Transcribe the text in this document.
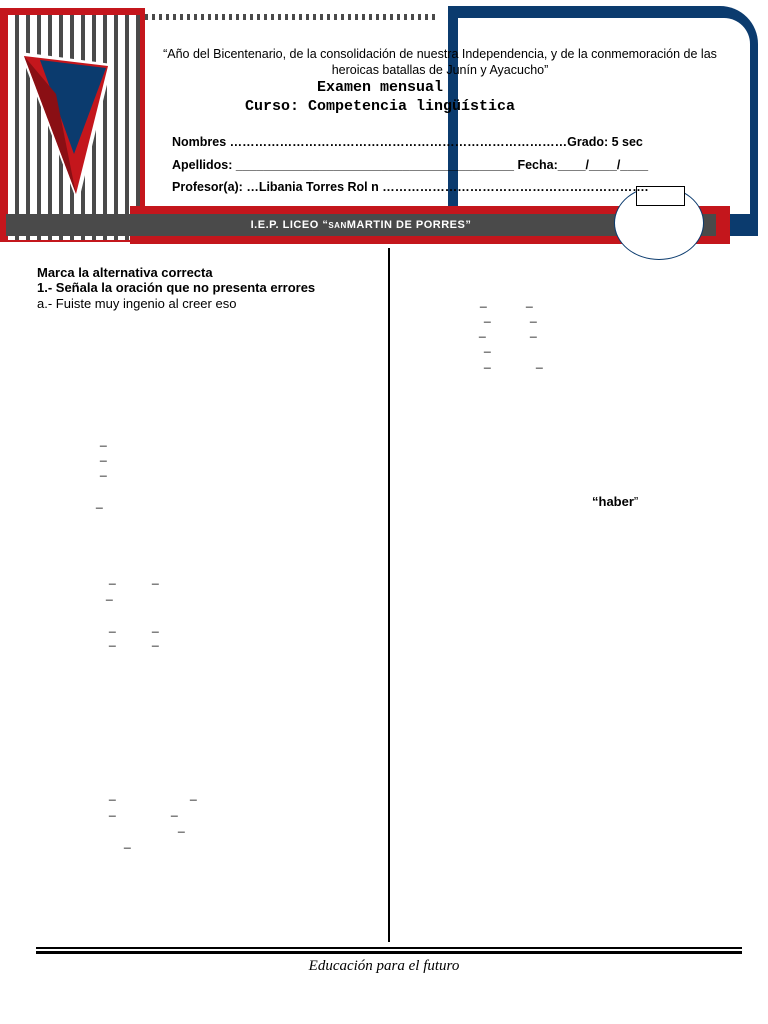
I.E.P. LICEO “ SAN MARTIN DE PORRES”
“Año del Bicentenario, de la consolidación de nuestra Independencia, y de la conmemoración de las heroicas batallas de Junín y Ayacucho”
Examen mensual
Curso: Competencia lingüística
Nombres ………………………………………………………………………Grado: 5 sec
Apellidos: ________________________________________ Fecha:____/____/____
Profesor(a): …Libania Torres Rol n ……………………………………………………….
Marca la alternativa correcta
1.- Señala la oración que no presenta errores
a.- Fuiste muy ingenio al creer eso
_
_
_
_
_	_
_
_	_
_	_
_	_
_	_
_
_
_	_
_	_
_	_
_
_	_
“haber”
Educación para el futuro
